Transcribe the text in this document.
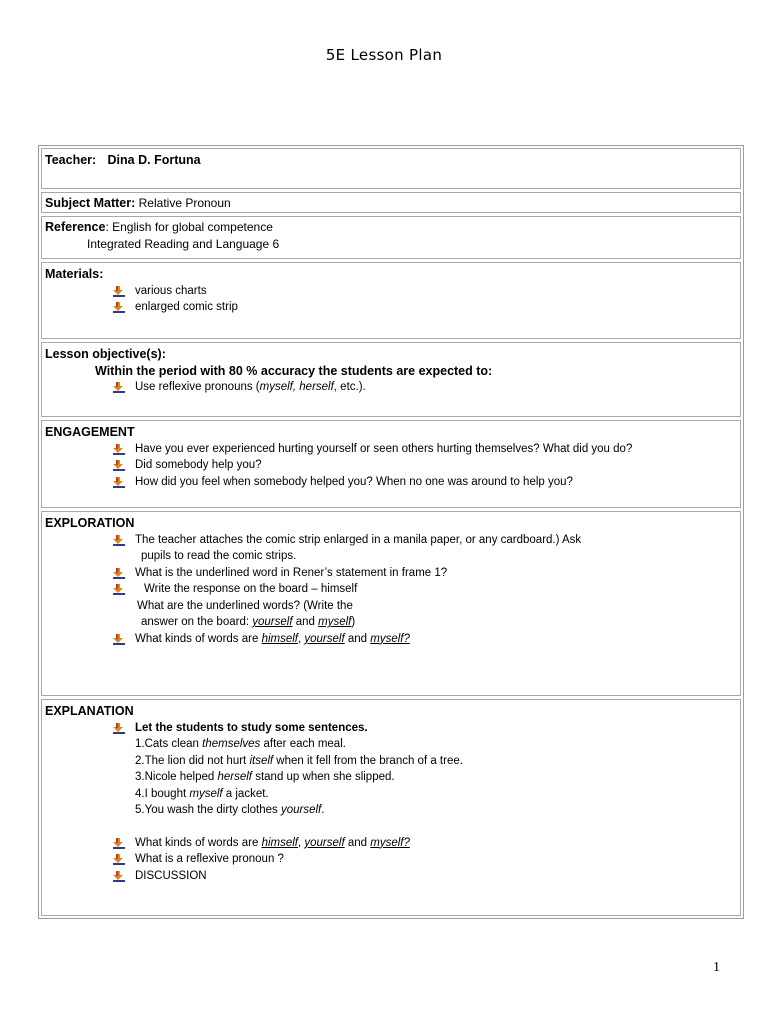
5E Lesson Plan
Teacher: Dina D. Fortuna
Subject Matter: Relative Pronoun
Reference: English for global competence
Integrated Reading and Language 6
Materials:
various charts
enlarged comic strip
Lesson objective(s):
Within the period with 80 % accuracy the students are expected to:
Use reflexive pronouns (myself, herself, etc.).
ENGAGEMENT
Have you ever experienced hurting yourself or seen others hurting themselves? What did you do?
Did somebody help you?
How did you feel when somebody helped you? When no one was around to help you?
EXPLORATION
The teacher attaches the comic strip enlarged in a manila paper, or any cardboard.) Ask
pupils to read the comic strips.
What is the underlined word in Rener’s statement in frame 1?
Write the response on the board – himself
What are the underlined words? (Write the
answer on the board: yourself and myself)
What kinds of words are himself, yourself and myself?
EXPLANATION
Let the students to study some sentences.
1.Cats clean themselves after each meal.
2.The lion did not hurt itself when it fell from the branch of a tree.
3.Nicole helped herself stand up when she slipped.
4.I bought myself a jacket.
5.You wash the dirty clothes yourself.
What kinds of words are himself, yourself and myself?
What is a reflexive pronoun ?
DISCUSSION
1
